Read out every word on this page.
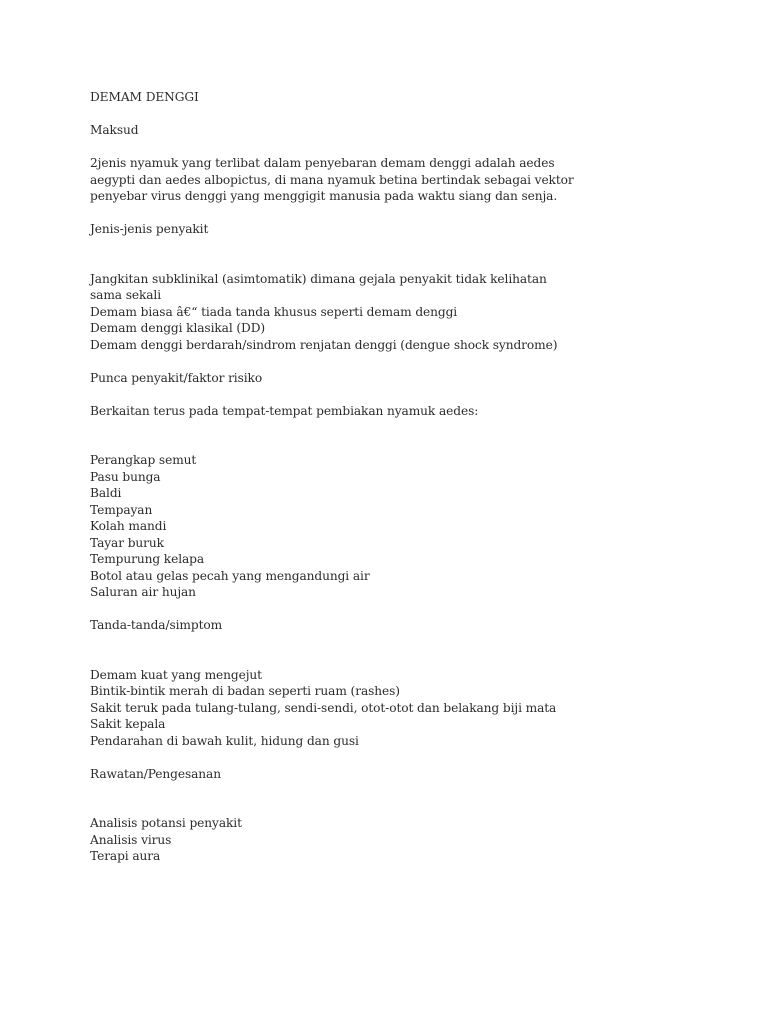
DEMAM DENGGI
Maksud
2jenis nyamuk yang terlibat dalam penyebaran demam denggi adalah aedes
aegypti dan aedes albopictus, di mana nyamuk betina bertindak sebagai vektor
penyebar virus denggi yang menggigit manusia pada waktu siang dan senja.
Jenis-jenis penyakit
Jangkitan subklinikal (asimtomatik) dimana gejala penyakit tidak kelihatan
sama sekali
Demam biasa â€“ tiada tanda khusus seperti demam denggi
Demam denggi klasikal (DD)
Demam denggi berdarah/sindrom renjatan denggi (dengue shock syndrome)
Punca penyakit/faktor risiko
Berkaitan terus pada tempat-tempat pembiakan nyamuk aedes:
Perangkap semut
Pasu bunga
Baldi
Tempayan
Kolah mandi
Tayar buruk
Tempurung kelapa
Botol atau gelas pecah yang mengandungi air
Saluran air hujan
Tanda-tanda/simptom
Demam kuat yang mengejut
Bintik-bintik merah di badan seperti ruam (rashes)
Sakit teruk pada tulang-tulang, sendi-sendi, otot-otot dan belakang biji mata
Sakit kepala
Pendarahan di bawah kulit, hidung dan gusi
Rawatan/Pengesanan
Analisis potansi penyakit
Analisis virus
Terapi aura
